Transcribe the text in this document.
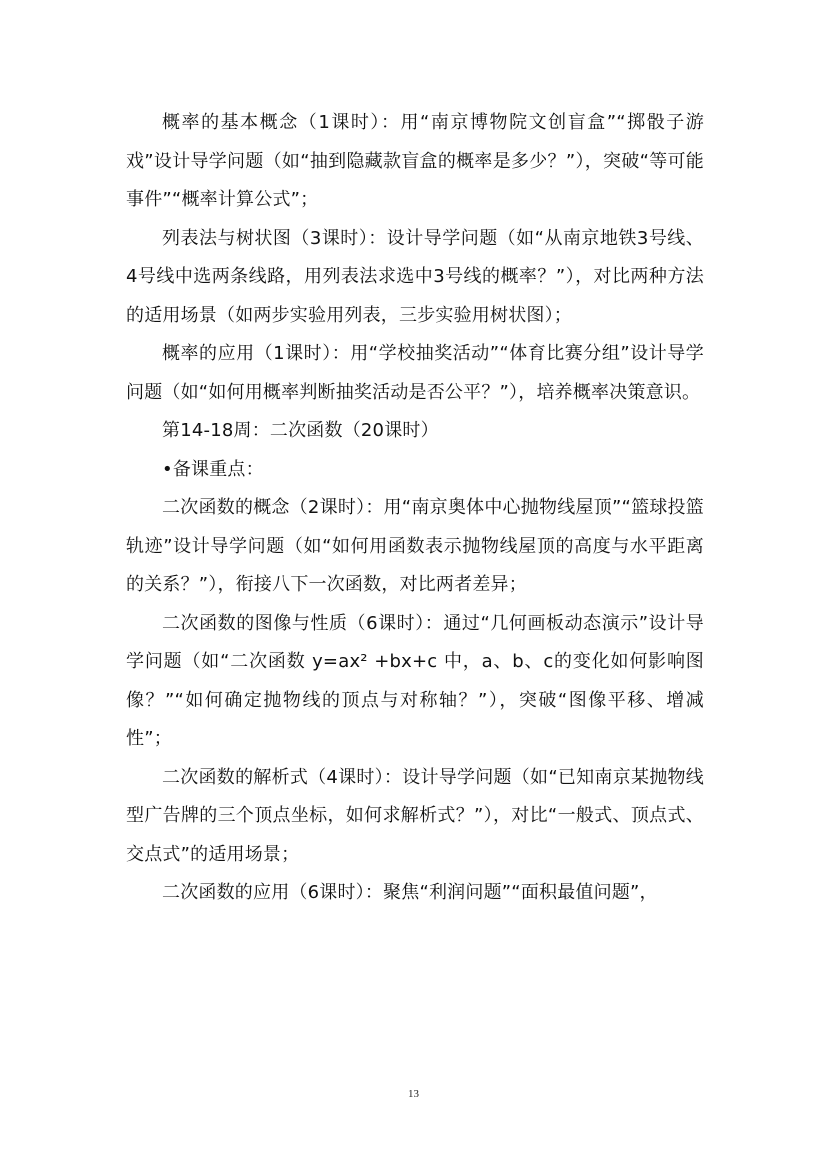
概率的基本概念（1课时）：用“南京博物院文创盲盒”“掷骰子游戏”设计导学问题（如“抽到隐藏款盲盒的概率是多少？”），突破“等可能事件”“概率计算公式”；

列表法与树状图（3课时）：设计导学问题（如“从南京地铁3号线、4号线中选两条线路，用列表法求选中3号线的概率？”），对比两种方法的适用场景（如两步实验用列表，三步实验用树状图）；

概率的应用（1课时）：用“学校抽奖活动”“体育比赛分组”设计导学问题（如“如何用概率判断抽奖活动是否公平？”），培养概率决策意识。

第14-18周：二次函数（20课时）

•备课重点：

二次函数的概念（2课时）：用“南京奥体中心抛物线屋顶”“篮球投篮轨迹”设计导学问题（如“如何用函数表示抛物线屋顶的高度与水平距离的关系？”），衔接八下一次函数，对比两者差异；

二次函数的图像与性质（6课时）：通过“几何画板动态演示”设计导学问题（如“二次函数 y=ax² +bx+c 中，a、b、c的变化如何影响图像？”“如何确定抛物线的顶点与对称轴？”），突破“图像平移、增减性”；

二次函数的解析式（4课时）：设计导学问题（如“已知南京某抛物线型广告牌的三个顶点坐标，如何求解析式？”），对比“一般式、顶点式、交点式”的适用场景；

二次函数的应用（6课时）：聚焦“利润问题”“面积最值问题”，

13
